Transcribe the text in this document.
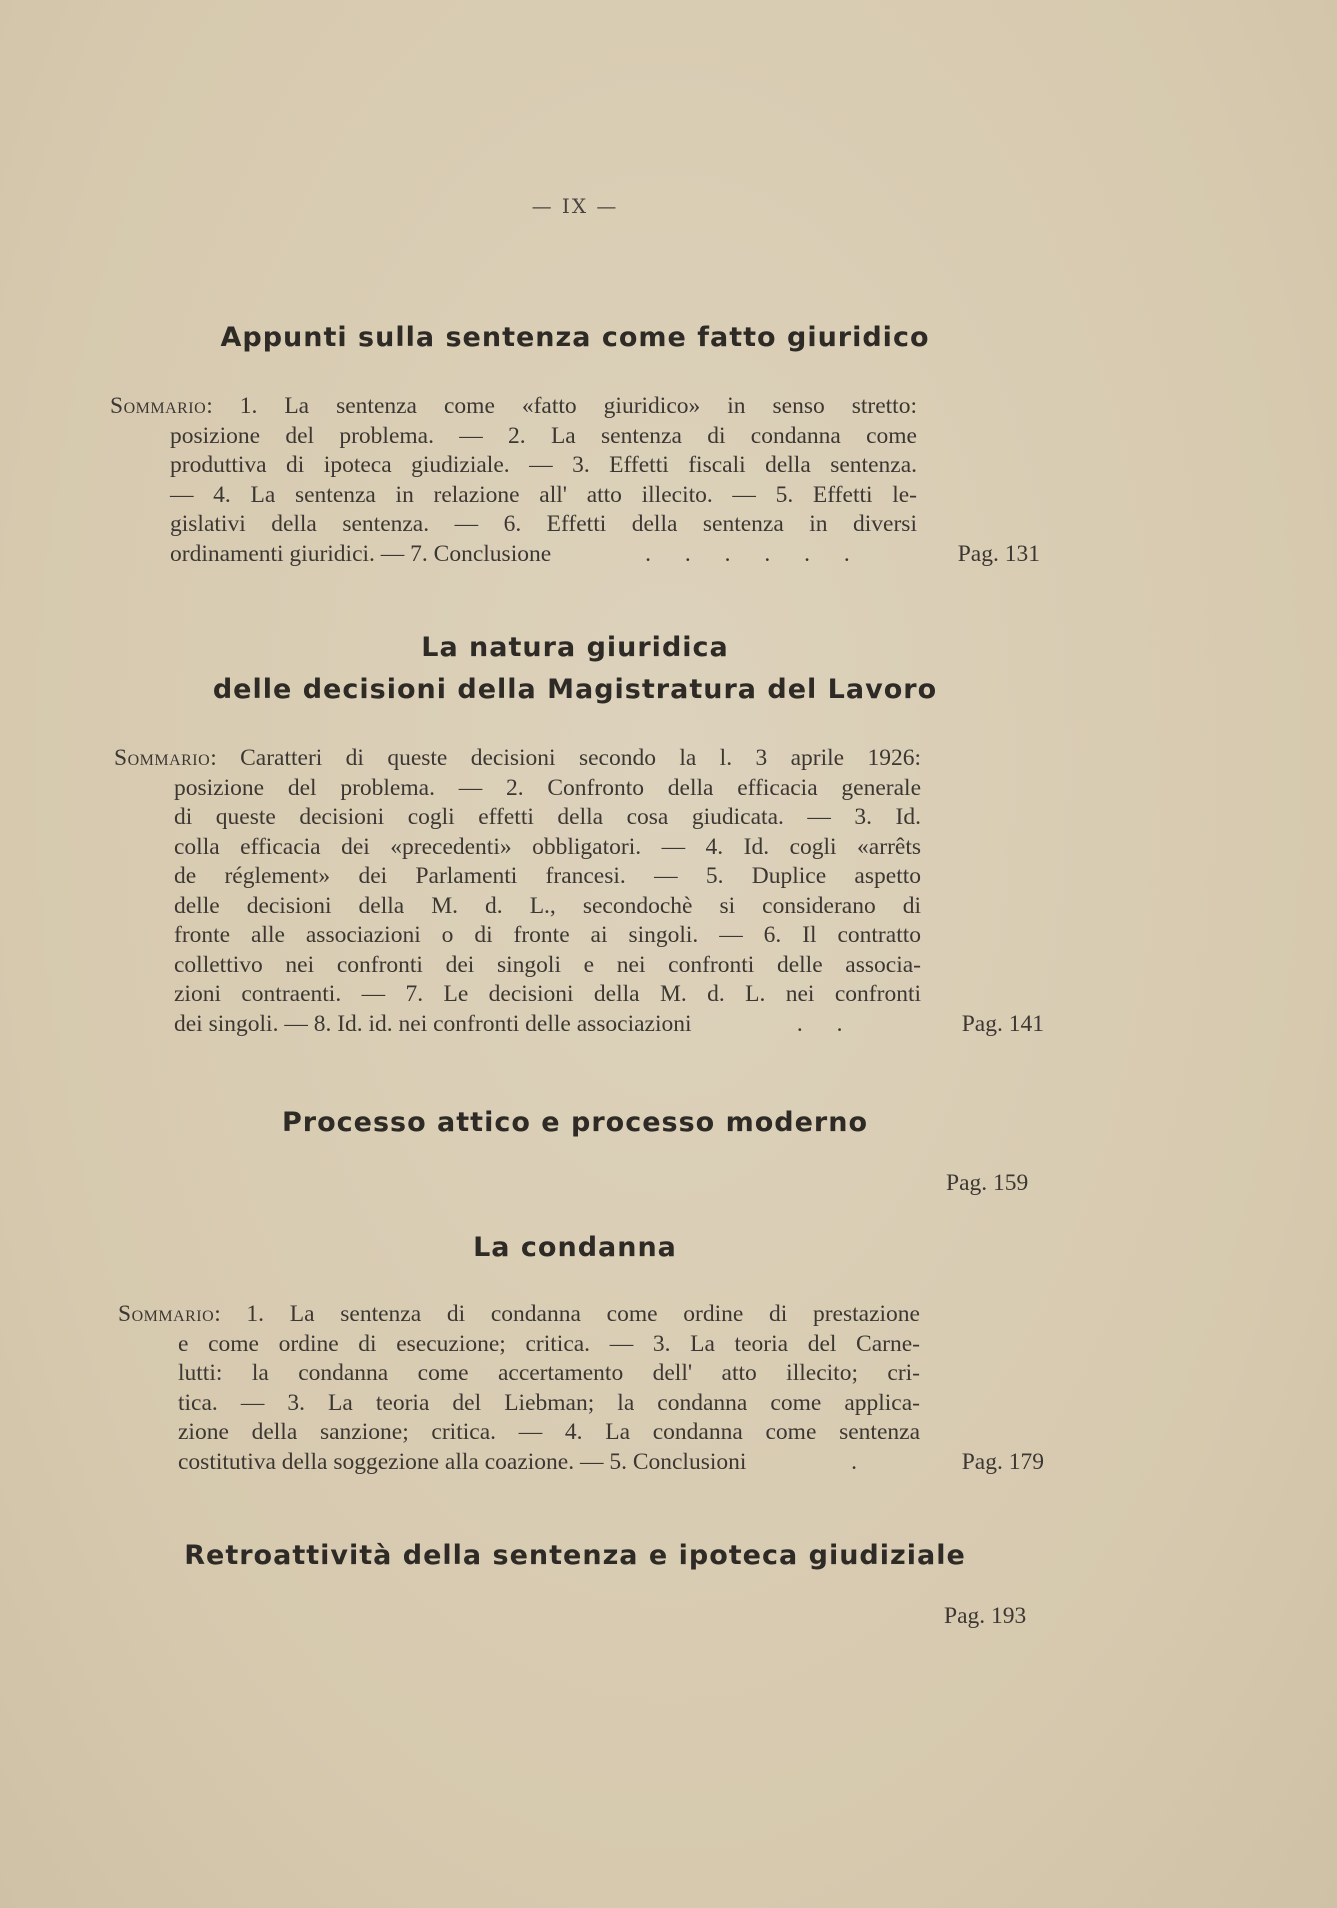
— IX —
Appunti sulla sentenza come fatto giuridico
Sommario: 1. La sentenza come «fatto giuridico» in senso stretto:
posizione del problema. — 2. La sentenza di condanna come
produttiva di ipoteca giudiziale. — 3. Effetti fiscali della sentenza.
— 4. La sentenza in relazione all' atto illecito. — 5. Effetti le-
gislativi della sentenza. — 6. Effetti della sentenza in diversi
ordinamenti giuridici. — 7. Conclusione	. . . . . .	Pag. 131
La natura giuridica
delle decisioni della Magistratura del Lavoro
Sommario: Caratteri di queste decisioni secondo la l. 3 aprile 1926:
posizione del problema. — 2. Confronto della efficacia generale
di queste decisioni cogli effetti della cosa giudicata. — 3. Id.
colla efficacia dei «precedenti» obbligatori. — 4. Id. cogli «arrêts
de réglement» dei Parlamenti francesi. — 5. Duplice aspetto
delle decisioni della M. d. L., secondochè si considerano di
fronte alle associazioni o di fronte ai singoli. — 6. Il contratto
collettivo nei confronti dei singoli e nei confronti delle associa-
zioni contraenti. — 7. Le decisioni della M. d. L. nei confronti
dei singoli. — 8. Id. id. nei confronti delle associazioni	. .	Pag. 141
Processo attico e processo moderno
Pag. 159
La condanna
Sommario: 1. La sentenza di condanna come ordine di prestazione
e come ordine di esecuzione; critica. — 3. La teoria del Carne-
lutti: la condanna come accertamento dell' atto illecito; cri-
tica. — 3. La teoria del Liebman; la condanna come applica-
zione della sanzione; critica. — 4. La condanna come sentenza
costitutiva della soggezione alla coazione. — 5. Conclusioni	.	Pag. 179
Retroattività della sentenza e ipoteca giudiziale
Pag. 193
